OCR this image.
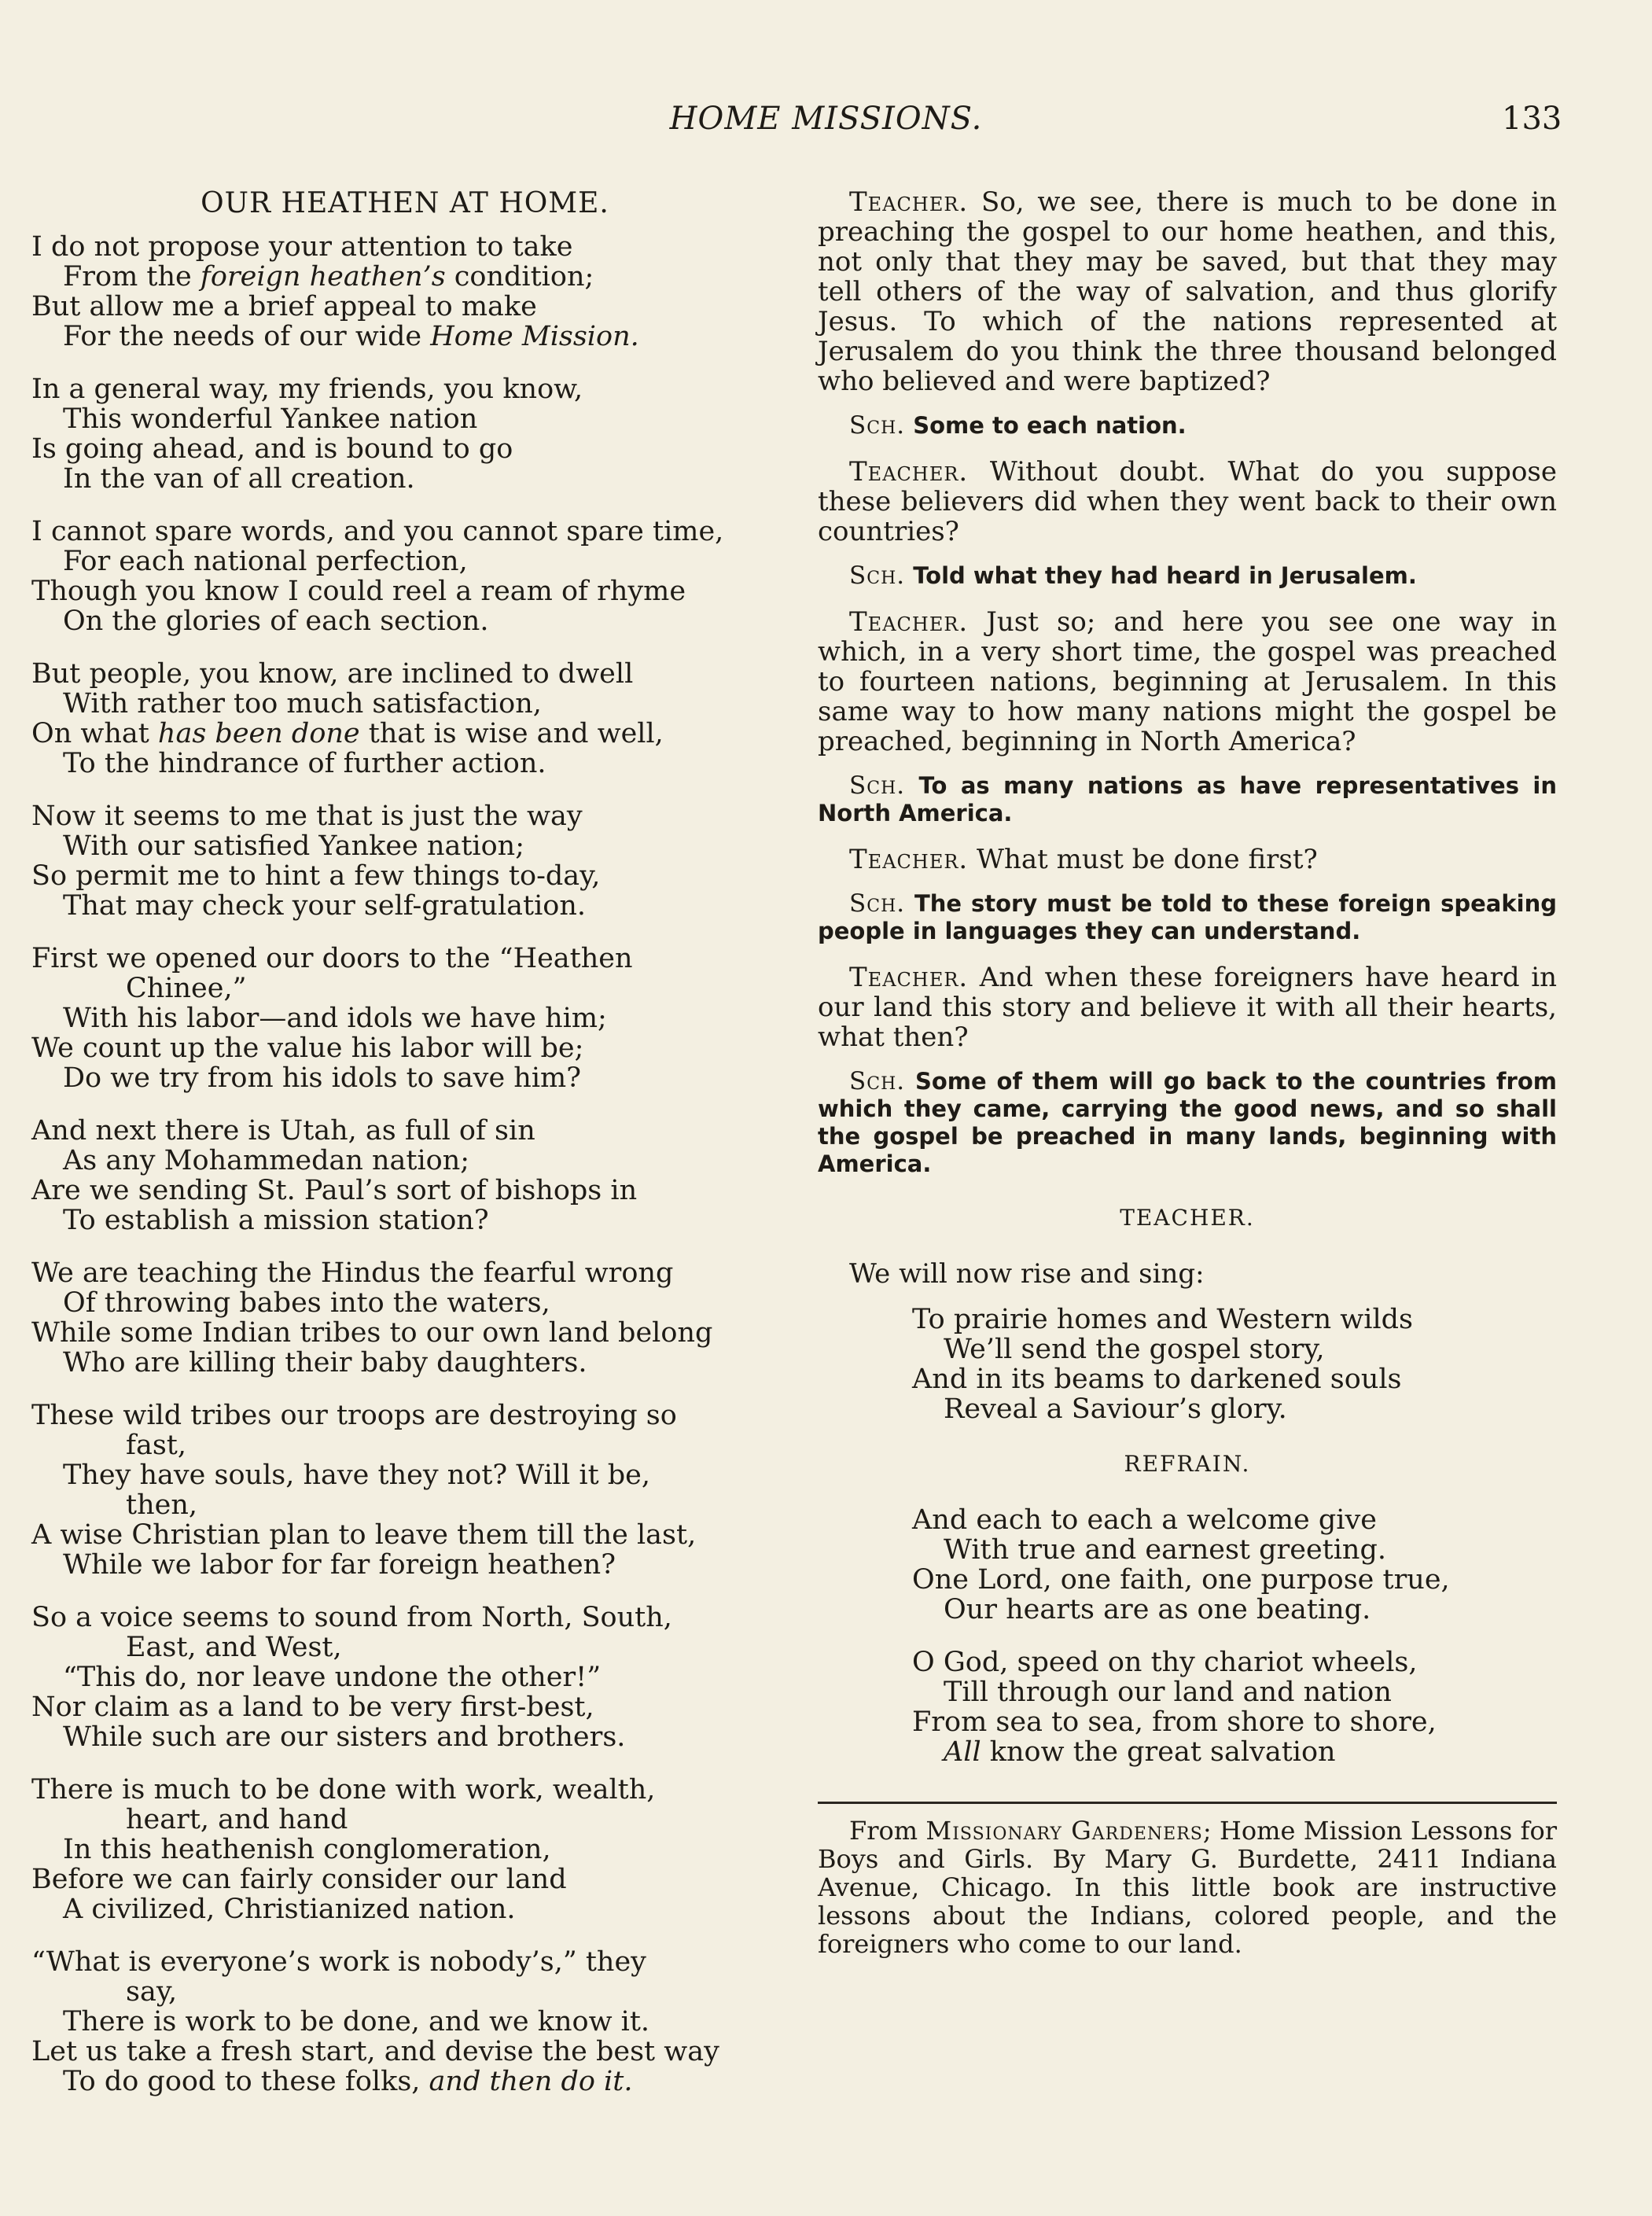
HOME MISSIONS.	133
OUR HEATHEN AT HOME.
I do not propose your attention to take
From the foreign heathen’s condition;
But allow me a brief appeal to make
For the needs of our wide Home Mission.
In a general way, my friends, you know,
This wonderful Yankee nation
Is going ahead, and is bound to go
In the van of all creation.
I cannot spare words, and you cannot spare time,
For each national perfection,
Though you know I could reel a ream of rhyme
On the glories of each section.
But people, you know, are inclined to dwell
With rather too much satisfaction,
On what has been done that is wise and well,
To the hindrance of further action.
Now it seems to me that is just the way
With our satisfied Yankee nation;
So permit me to hint a few things to-day,
That may check your self-gratulation.
First we opened our doors to the “Heathen
Chinee,”
With his labor—and idols we have him;
We count up the value his labor will be;
Do we try from his idols to save him?
And next there is Utah, as full of sin
As any Mohammedan nation;
Are we sending St. Paul’s sort of bishops in
To establish a mission station?
We are teaching the Hindus the fearful wrong
Of throwing babes into the waters,
While some Indian tribes to our own land belong
Who are killing their baby daughters.
These wild tribes our troops are destroying so
fast,
They have souls, have they not? Will it be,
then,
A wise Christian plan to leave them till the last,
While we labor for far foreign heathen?
So a voice seems to sound from North, South,
East, and West,
“This do, nor leave undone the other!”
Nor claim as a land to be very first-best,
While such are our sisters and brothers.
There is much to be done with work, wealth,
heart, and hand
In this heathenish conglomeration,
Before we can fairly consider our land
A civilized, Christianized nation.
“What is everyone’s work is nobody’s,” they
say,
There is work to be done, and we know it.
Let us take a fresh start, and devise the best way
To do good to these folks, and then do it.
Teacher. So, we see, there is much to be done in preaching the gospel to our home heathen, and this, not only that they may be saved, but that they may tell others of the way of salvation, and thus glorify Jesus. To which of the nations represented at Jerusalem do you think the three thousand belonged who believed and were baptized?
Sch. Some to each nation.
Teacher. Without doubt. What do you suppose these believers did when they went back to their own countries?
Sch. Told what they had heard in Jerusalem.
Teacher. Just so; and here you see one way in which, in a very short time, the gospel was preached to fourteen nations, beginning at Jerusalem. In this same way to how many nations might the gospel be preached, beginning in North America?
Sch. To as many nations as have representatives in North America.
Teacher. What must be done first?
Sch. The story must be told to these foreign speaking people in languages they can understand.
Teacher. And when these foreigners have heard in our land this story and believe it with all their hearts, what then?
Sch. Some of them will go back to the countries from which they came, carrying the good news, and so shall the gospel be preached in many lands, beginning with America.
TEACHER.
We will now rise and sing:
To prairie homes and Western wilds
We’ll send the gospel story,
And in its beams to darkened souls
Reveal a Saviour’s glory.
REFRAIN.
And each to each a welcome give
With true and earnest greeting.
One Lord, one faith, one purpose true,
Our hearts are as one beating.
O God, speed on thy chariot wheels,
Till through our land and nation
From sea to sea, from shore to shore,
All know the great salvation
From Missionary Gardeners; Home Mission Lessons for Boys and Girls. By Mary G. Burdette, 2411 Indiana Avenue, Chicago. In this little book are instructive lessons about the Indians, colored people, and the foreigners who come to our land.
